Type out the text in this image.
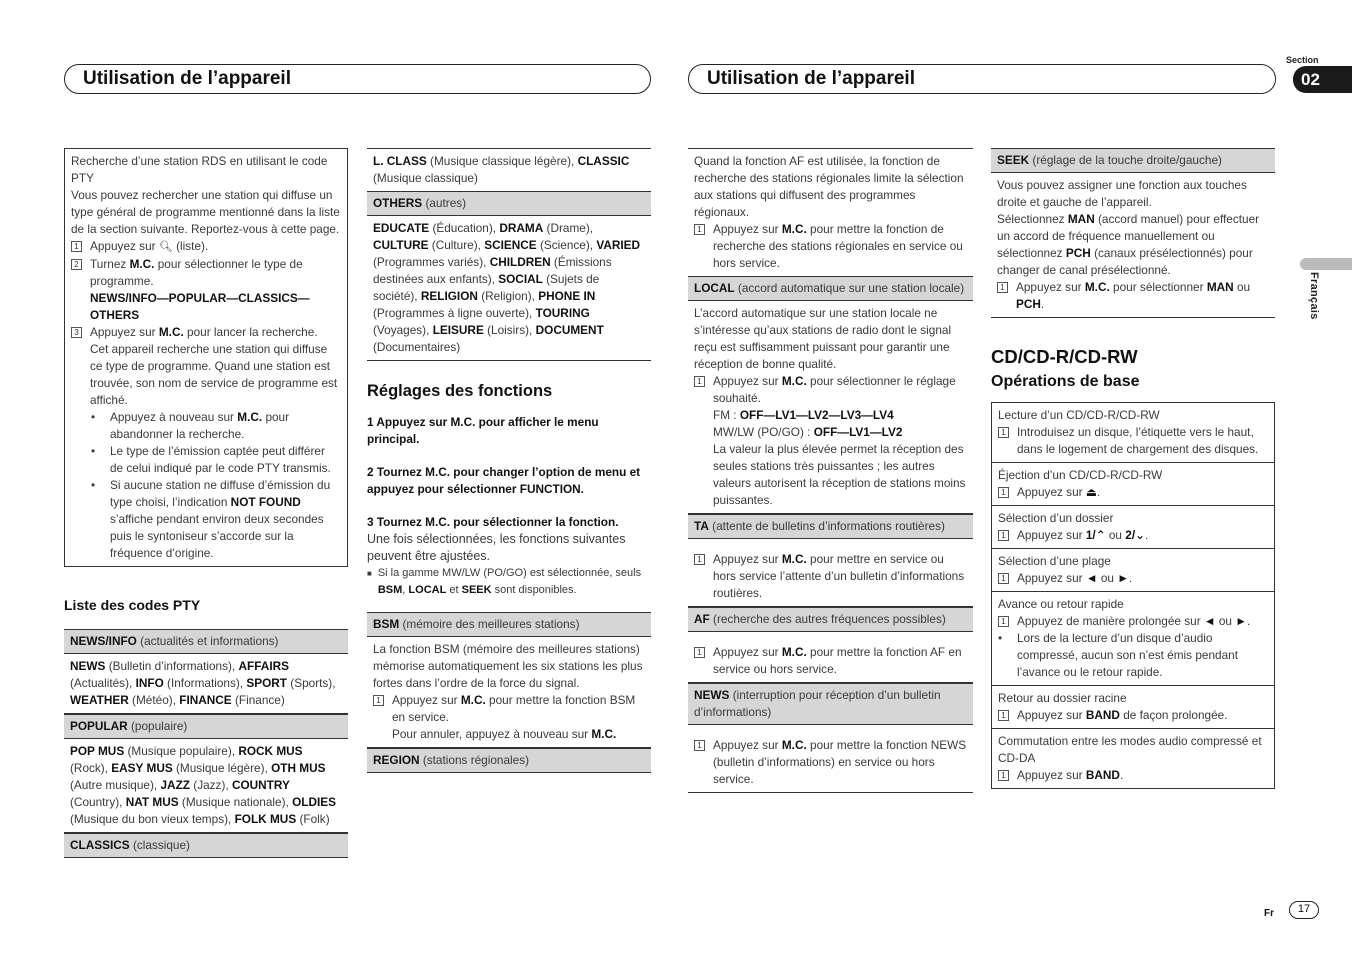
Utilisation de l’appareil	Utilisation de l’appareil
Section
02
Français
Fr	17
Recherche d’une station RDS en utilisant le code PTY
Vous pouvez rechercher une station qui diffuse un type général de programme mentionné dans la liste de la section suivante. Reportez-vous à cette page.
1 Appuyez sur 🔍︎ (liste).
2 Turnez M.C. pour sélectionner le type de programme.
NEWS/INFO—POPULAR—CLASSICS—OTHERS
3 Appuyez sur M.C. pour lancer la recherche.
Cet appareil recherche une station qui diffuse ce type de programme. Quand une station est trouvée, son nom de service de programme est affiché.
•	Appuyez à nouveau sur M.C. pour abandonner la recherche.
•	Le type de l’émission captée peut différer de celui indiqué par le code PTY transmis.
•	Si aucune station ne diffuse d’émission du type choisi, l’indication NOT FOUND s’affiche pendant environ deux secondes puis le syntoniseur s’accorde sur la fréquence d’origine.
Liste des codes PTY
NEWS/INFO (actualités et informations)
NEWS (Bulletin d’informations), AFFAIRS (Actualités), INFO (Informations), SPORT (Sports), WEATHER (Météo), FINANCE (Finance)
POPULAR (populaire)
POP MUS (Musique populaire), ROCK MUS (Rock), EASY MUS (Musique légère), OTH MUS (Autre musique), JAZZ (Jazz), COUNTRY (Country), NAT MUS (Musique nationale), OLDIES (Musique du bon vieux temps), FOLK MUS (Folk)
CLASSICS (classique)
L. CLASS (Musique classique légère), CLASSIC (Musique classique)
OTHERS (autres)
EDUCATE (Éducation), DRAMA (Drame), CULTURE (Culture), SCIENCE (Science), VARIED (Programmes variés), CHILDREN (Émissions destinées aux enfants), SOCIAL (Sujets de société), RELIGION (Religion), PHONE IN (Programmes à ligne ouverte), TOURING (Voyages), LEISURE (Loisirs), DOCUMENT (Documentaires)
Réglages des fonctions
1 Appuyez sur M.C. pour afficher le menu principal.
2 Tournez M.C. pour changer l’option de menu et appuyez pour sélectionner FUNCTION.
3 Tournez M.C. pour sélectionner la fonction.
Une fois sélectionnées, les fonctions suivantes peuvent être ajustées.
■ Si la gamme MW/LW (PO/GO) est sélectionnée, seuls BSM, LOCAL et SEEK sont disponibles.
BSM (mémoire des meilleures stations)
La fonction BSM (mémoire des meilleures stations) mémorise automatiquement les six stations les plus fortes dans l’ordre de la force du signal.
1 Appuyez sur M.C. pour mettre la fonction BSM en service.
Pour annuler, appuyez à nouveau sur M.C.
REGION (stations régionales)
Quand la fonction AF est utilisée, la fonction de recherche des stations régionales limite la sélection aux stations qui diffusent des programmes régionaux.
1 Appuyez sur M.C. pour mettre la fonction de recherche des stations régionales en service ou hors service.
LOCAL (accord automatique sur une station locale)
L’accord automatique sur une station locale ne s’intéresse qu’aux stations de radio dont le signal reçu est suffisamment puissant pour garantir une réception de bonne qualité.
1 Appuyez sur M.C. pour sélectionner le réglage souhaité.
FM : OFF—LV1—LV2—LV3—LV4
MW/LW (PO/GO) : OFF—LV1—LV2
La valeur la plus élevée permet la réception des seules stations très puissantes ; les autres valeurs autorisent la réception de stations moins puissantes.
TA (attente de bulletins d’informations routières)
1 Appuyez sur M.C. pour mettre en service ou hors service l’attente d’un bulletin d’informations routières.
AF (recherche des autres fréquences possibles)
1 Appuyez sur M.C. pour mettre la fonction AF en service ou hors service.
NEWS (interruption pour réception d’un bulletin d’informations)
1 Appuyez sur M.C. pour mettre la fonction NEWS (bulletin d’informations) en service ou hors service.
SEEK (réglage de la touche droite/gauche)
Vous pouvez assigner une fonction aux touches droite et gauche de l’appareil.
Sélectionnez MAN (accord manuel) pour effectuer un accord de fréquence manuellement ou sélectionnez PCH (canaux présélectionnés) pour changer de canal présélectionné.
1 Appuyez sur M.C. pour sélectionner MAN ou PCH.
CD/CD-R/CD-RW
Opérations de base
Lecture d’un CD/CD-R/CD-RW
1 Introduisez un disque, l’étiquette vers le haut, dans le logement de chargement des disques.
Éjection d’un CD/CD-R/CD-RW
1 Appuyez sur ⏏.
Sélection d’un dossier
1 Appuyez sur 1/⌃ ou 2/⌄.
Sélection d’une plage
1 Appuyez sur ◄ ou ►.
Avance ou retour rapide
1 Appuyez de manière prolongée sur ◄ ou ►.
•	Lors de la lecture d’un disque d’audio compressé, aucun son n’est émis pendant l’avance ou le retour rapide.
Retour au dossier racine
1 Appuyez sur BAND de façon prolongée.
Commutation entre les modes audio compressé et CD-DA
1 Appuyez sur BAND.
